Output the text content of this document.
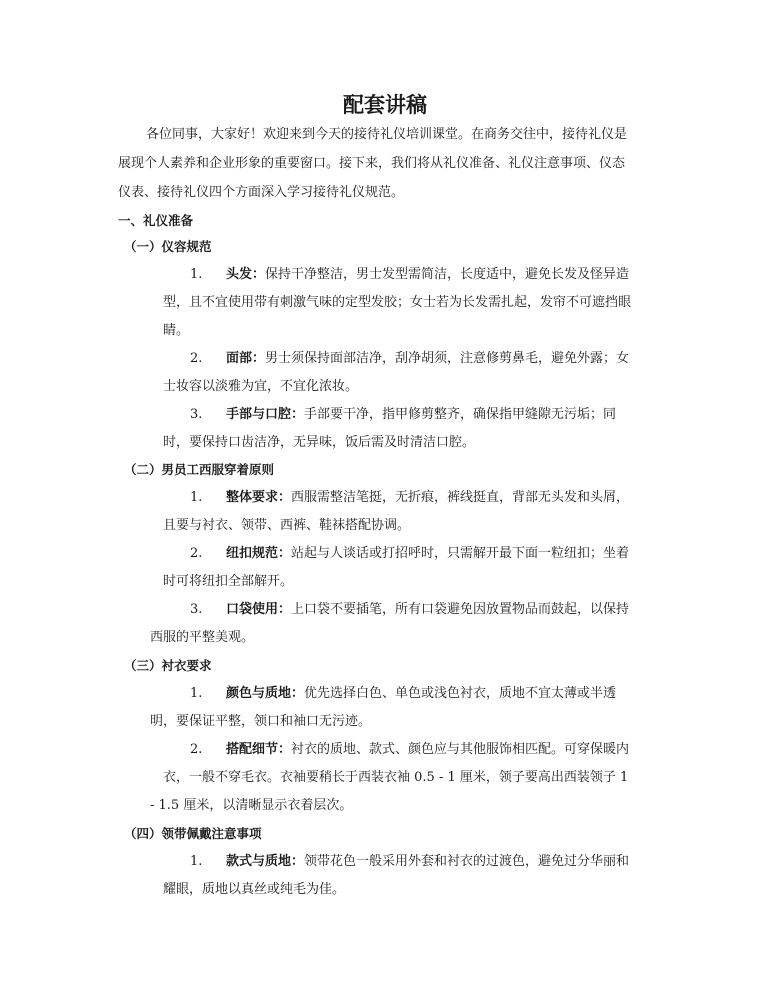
配套讲稿
各位同事，大家好！欢迎来到今天的接待礼仪培训课堂。在商务交往中，接待礼仪是
展现个人素养和企业形象的重要窗口。接下来，我们将从礼仪准备、礼仪注意事项、仪态
仪表、接待礼仪四个方面深入学习接待礼仪规范。
一、礼仪准备
（一）仪容规范
1. 头发：保持干净整洁，男士发型需简洁，长度适中，避免长发及怪异造
型，且不宜使用带有刺激气味的定型发胶；女士若为长发需扎起，发帘不可遮挡眼
睛。
2. 面部：男士须保持面部洁净，刮净胡须，注意修剪鼻毛，避免外露；女
士妆容以淡雅为宜，不宜化浓妆。
3. 手部与口腔：手部要干净，指甲修剪整齐，确保指甲缝隙无污垢；同
时，要保持口齿洁净，无异味，饭后需及时清洁口腔。
（二）男员工西服穿着原则
1. 整体要求：西服需整洁笔挺，无折痕，裤线挺直，背部无头发和头屑，
且要与衬衣、领带、西裤、鞋袜搭配协调。
2. 纽扣规范：站起与人谈话或打招呼时，只需解开最下面一粒纽扣；坐着
时可将纽扣全部解开。
3. 口袋使用：上口袋不要插笔，所有口袋避免因放置物品而鼓起，以保持
西服的平整美观。
（三）衬衣要求
1. 颜色与质地：优先选择白色、单色或浅色衬衣，质地不宜太薄或半透
明，要保证平整，领口和袖口无污迹。
2. 搭配细节：衬衣的质地、款式、颜色应与其他服饰相匹配。可穿保暖内
衣，一般不穿毛衣。衣袖要稍长于西装衣袖 0.5 - 1 厘米，领子要高出西装领子 1
- 1.5 厘米，以清晰显示衣着层次。
（四）领带佩戴注意事项
1. 款式与质地：领带花色一般采用外套和衬衣的过渡色，避免过分华丽和
耀眼，质地以真丝或纯毛为佳。
